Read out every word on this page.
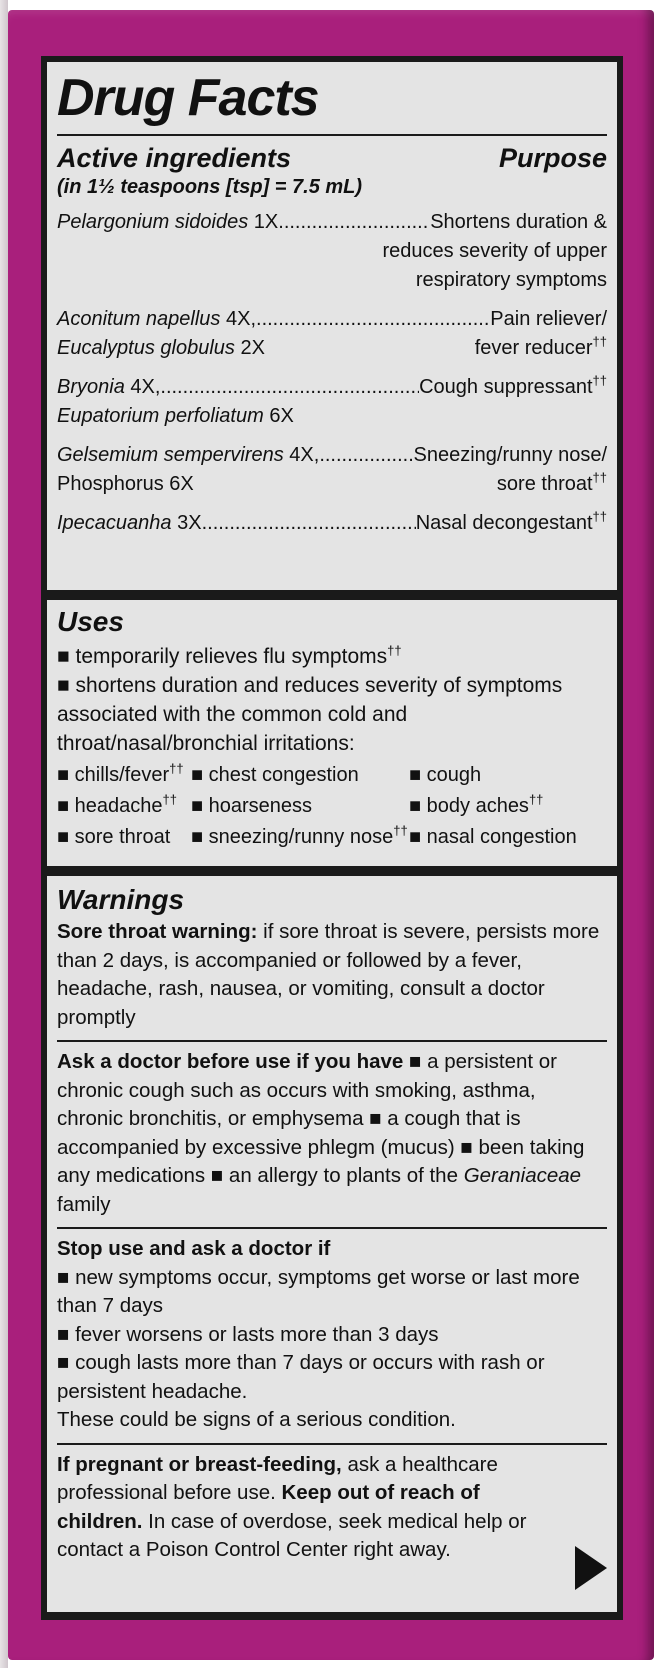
Drug Facts
Active ingredients	Purpose
(in 1½ teaspoons [tsp] = 7.5 mL)
Pelargonium sidoides 1X .....	Shortens duration &
reduces severity of upper
respiratory symptoms
Aconitum napellus 4X, .....	Pain reliever/
Eucalyptus globulus 2X	fever reducer††
Bryonia 4X, .....	Cough suppressant††
Eupatorium perfoliatum 6X
Gelsemium sempervirens 4X, .....	Sneezing/runny nose/
Phosphorus 6X	sore throat††
Ipecacuanha 3X .....	Nasal decongestant††
Uses

■ temporarily relieves flu symptoms††

■ shortens duration and reduces severity of symptoms associated with the common cold and throat/nasal/bronchial irritations:

■ chills/fever††	■ chest congestion	■ cough
■ headache††	■ hoarseness	■ body aches††
■ sore throat	■ sneezing/runny nose†† ■ nasal congestion
Warnings
Sore throat warning: if sore throat is severe, persists more than 2 days, is accompanied or followed by a fever, headache, rash, nausea, or vomiting, consult a doctor promptly
Ask a doctor before use if you have ■ a persistent or chronic cough such as occurs with smoking, asthma, chronic bronchitis, or emphysema ■ a cough that is accompanied by excessive phlegm (mucus) ■ been taking any medications ■ an allergy to plants of the Geraniaceae family

Stop use and ask a doctor if

■ new symptoms occur, symptoms get worse or last more than 7 days

■ fever worsens or lasts more than 3 days

■ cough lasts more than 7 days or occurs with rash or persistent headache.

These could be signs of a serious condition.

If pregnant or breast-feeding, ask a healthcare professional before use. Keep out of reach of children. In case of overdose, seek medical help or contact a Poison Control Center right away.
